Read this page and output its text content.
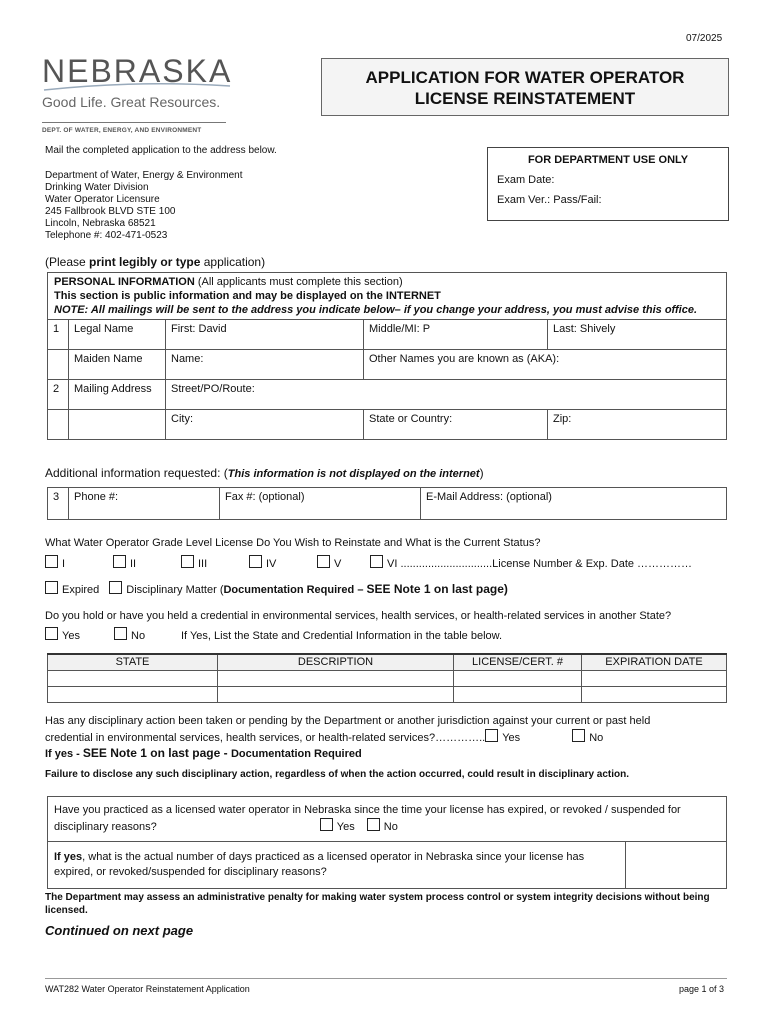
07/2025
NEBRASKA
Good Life. Great Resources.
DEPT. OF WATER, ENERGY, AND ENVIRONMENT
APPLICATION FOR WATER OPERATOR
LICENSE REINSTATEMENT
Mail the completed application to the address below.
Department of Water, Energy & Environment
Drinking Water Division
Water Operator Licensure
245 Fallbrook BLVD STE 100
Lincoln, Nebraska 68521
Telephone #: 402-471-0523
FOR DEPARTMENT USE ONLY
Exam Date:
Exam Ver.: Pass/Fail:
(Please print legibly or type application)
PERSONAL INFORMATION (All applicants must complete this section)
This section is public information and may be displayed on the INTERNET
NOTE: All mailings will be sent to the address you indicate below– if you change your address, you must advise this office.				

1	Legal Name	First: David	Middle/MI: P	Last: Shively
	Maiden Name	Name:	Other Names you are known as (AKA):	
2	Mailing Address	Street/PO/Route:		
		City:	State or Country:	Zip:
Additional information requested: (This information is not displayed on the internet)
3	Phone #:	Fax #: (optional)	E-Mail Address: (optional)
What Water Operator Grade Level License Do You Wish to Reinstate and What is the Current Status?
I	II	III	IV	V	VI ..............................License Number & Exp. Date ……………
Expired Disciplinary Matter (Documentation Required – SEE Note 1 on last page)
Do you hold or have you held a credential in environmental services, health services, or health-related services in another State?
Yes	No	If Yes, List the State and Credential Information in the table below.
STATE	DESCRIPTION	LICENSE/CERT. #	EXPIRATION DATE

Has any disciplinary action been taken or pending by the Department or another jurisdiction against your current or past held
credential in environmental services, health services, or health-related services?………….. Yes	No
If yes - SEE Note 1 on last page - Documentation Required
Failure to disclose any such disciplinary action, regardless of when the action occurred, could result in disciplinary action.
Have you practiced as a licensed water operator in Nebraska since the time your license has expired, or revoked / suspended for disciplinary reasons?	Yes	No
If yes, what is the actual number of days practiced as a licensed operator in Nebraska since your license has expired, or revoked/suspended for disciplinary reasons?	
The Department may assess an administrative penalty for making water system process control or system integrity decisions without being licensed.
Continued on next page
WAT282 Water Operator Reinstatement Application	page 1 of 3
